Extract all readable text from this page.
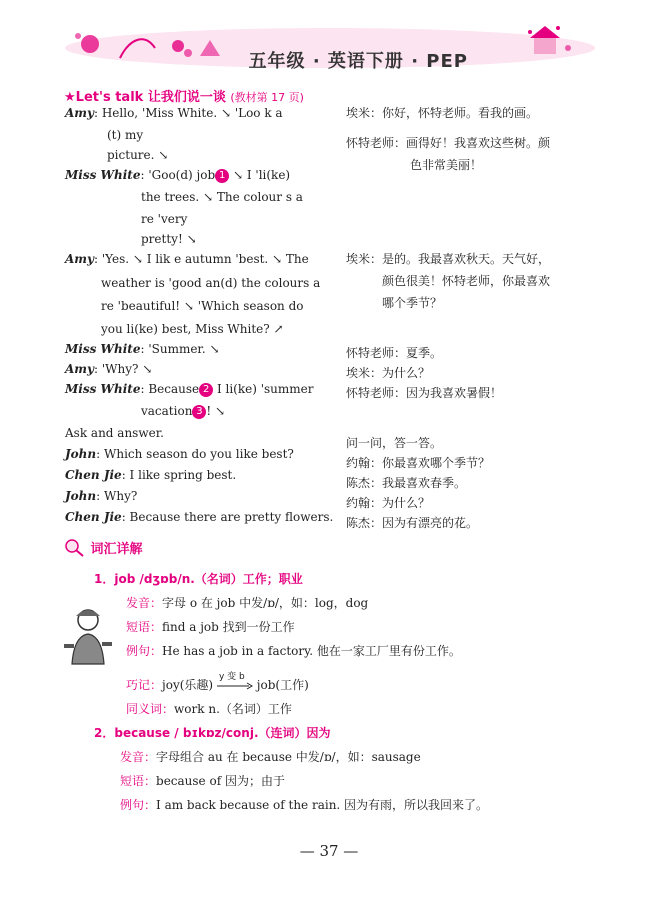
五年级 · 英语下册 · PEP
★Let's talk 让我们说一谈 (教材第 17 页)
Amy: Hello, 'Miss White. ↘ 'Loo k a
(t) my
picture. ↘
Miss White: 'Goo(d) job 1 ↘ I 'li(ke)
the trees. ↘ The colour s a
re 'very
pretty! ↘
Amy: 'Yes. ↘ I lik e autumn 'best. ↘ The
weather is 'good an(d) the colours a
re 'beautiful! ↘ 'Which season do
you li(ke) best, Miss White? ↗
Miss White: 'Summer. ↘
Amy: 'Why? ↘
Miss White: Because 2 I li(ke) 'summer
vacation 3 ! ↘
Ask and answer.
John: Which season do you like best?
Chen Jie: I like spring best.
John: Why?
Chen Jie: Because there are pretty flowers.
埃米：你好，怀特老师。看我的画。
怀特老师：画得好！我喜欢这些树。颜
色非常美丽！
埃米：是的。我最喜欢秋天。天气好，
颜色很美！怀特老师，你最喜欢
哪个季节？
怀特老师：夏季。
埃米：为什么？
怀特老师：因为我喜欢暑假！
问一问，答一答。
约翰：你最喜欢哪个季节？
陈杰：我最喜欢春季。
约翰：为什么？
陈杰：因为有漂亮的花。
词汇详解
1．job /dʒɒb/n.（名词）工作；职业
发音：字母 o 在 job 中发/ɒ/，如：log，dog
短语：find a job 找到一份工作
例句：He has a job in a factory. 他在一家工厂里有份工作。
巧记：joy(乐趣)
y 变 b
job(工作)
同义词：work n.（名词）工作
2．because / bɪkɒz/conj.（连词）因为
发音：字母组合 au 在 because 中发/ɒ/，如：sausage
短语：because of 因为；由于
例句：I am back because of the rain. 因为有雨，所以我回来了。
— 37 —
